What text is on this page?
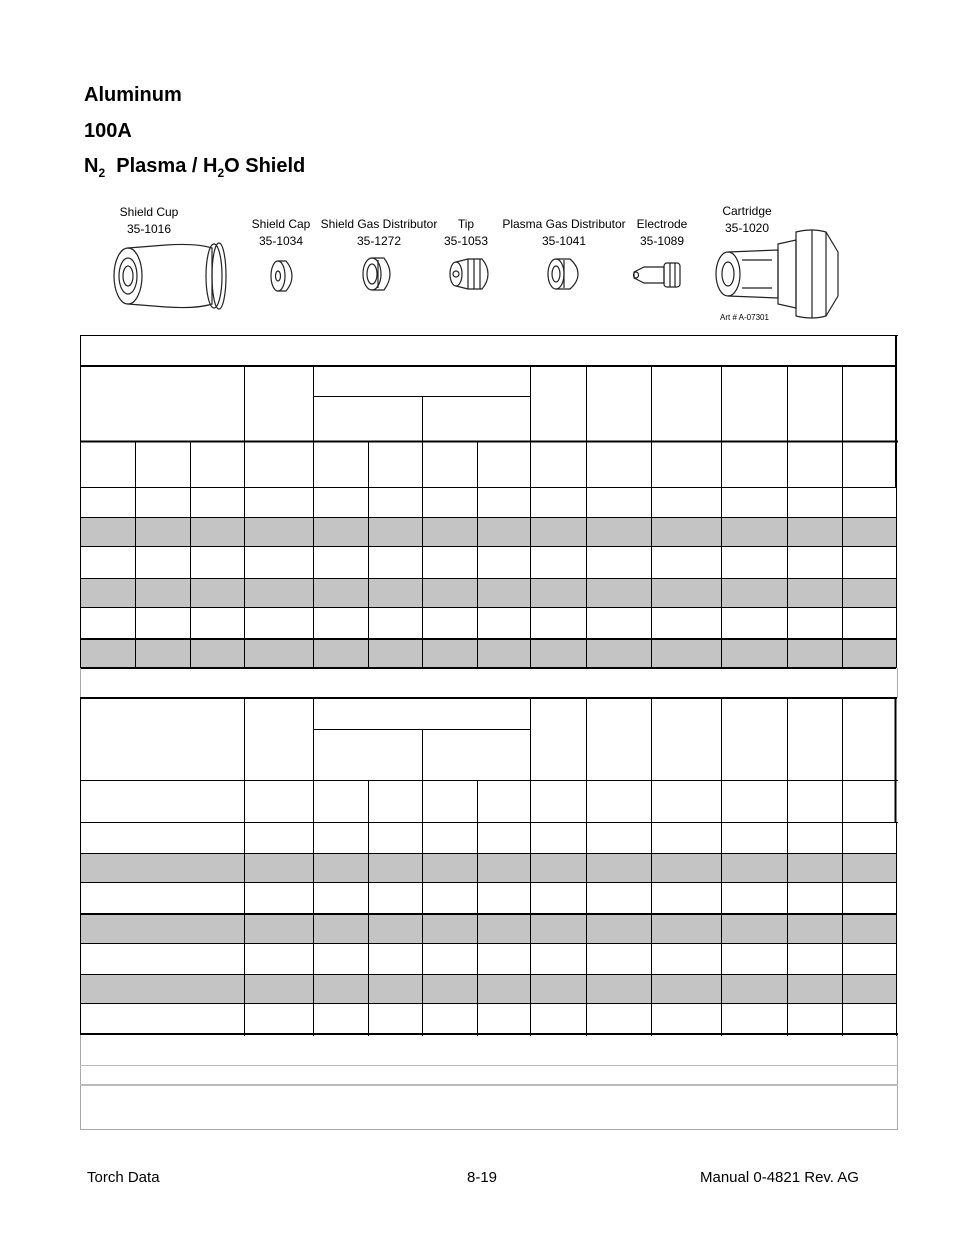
Aluminum
100A
$N_2$ Plasma / $H_2O$ Shield
Shield Cup
35-1016	Shield Cap
35-1034
Shield Gas Distributor
35-1272
Tip
35-1053
Plasma Gas Distributor
35-1041
Electrode
35-1089
Cartridge
35-1020
Art # A-07301
Torch Data	8-19	Manual 0-4821 Rev. AG
